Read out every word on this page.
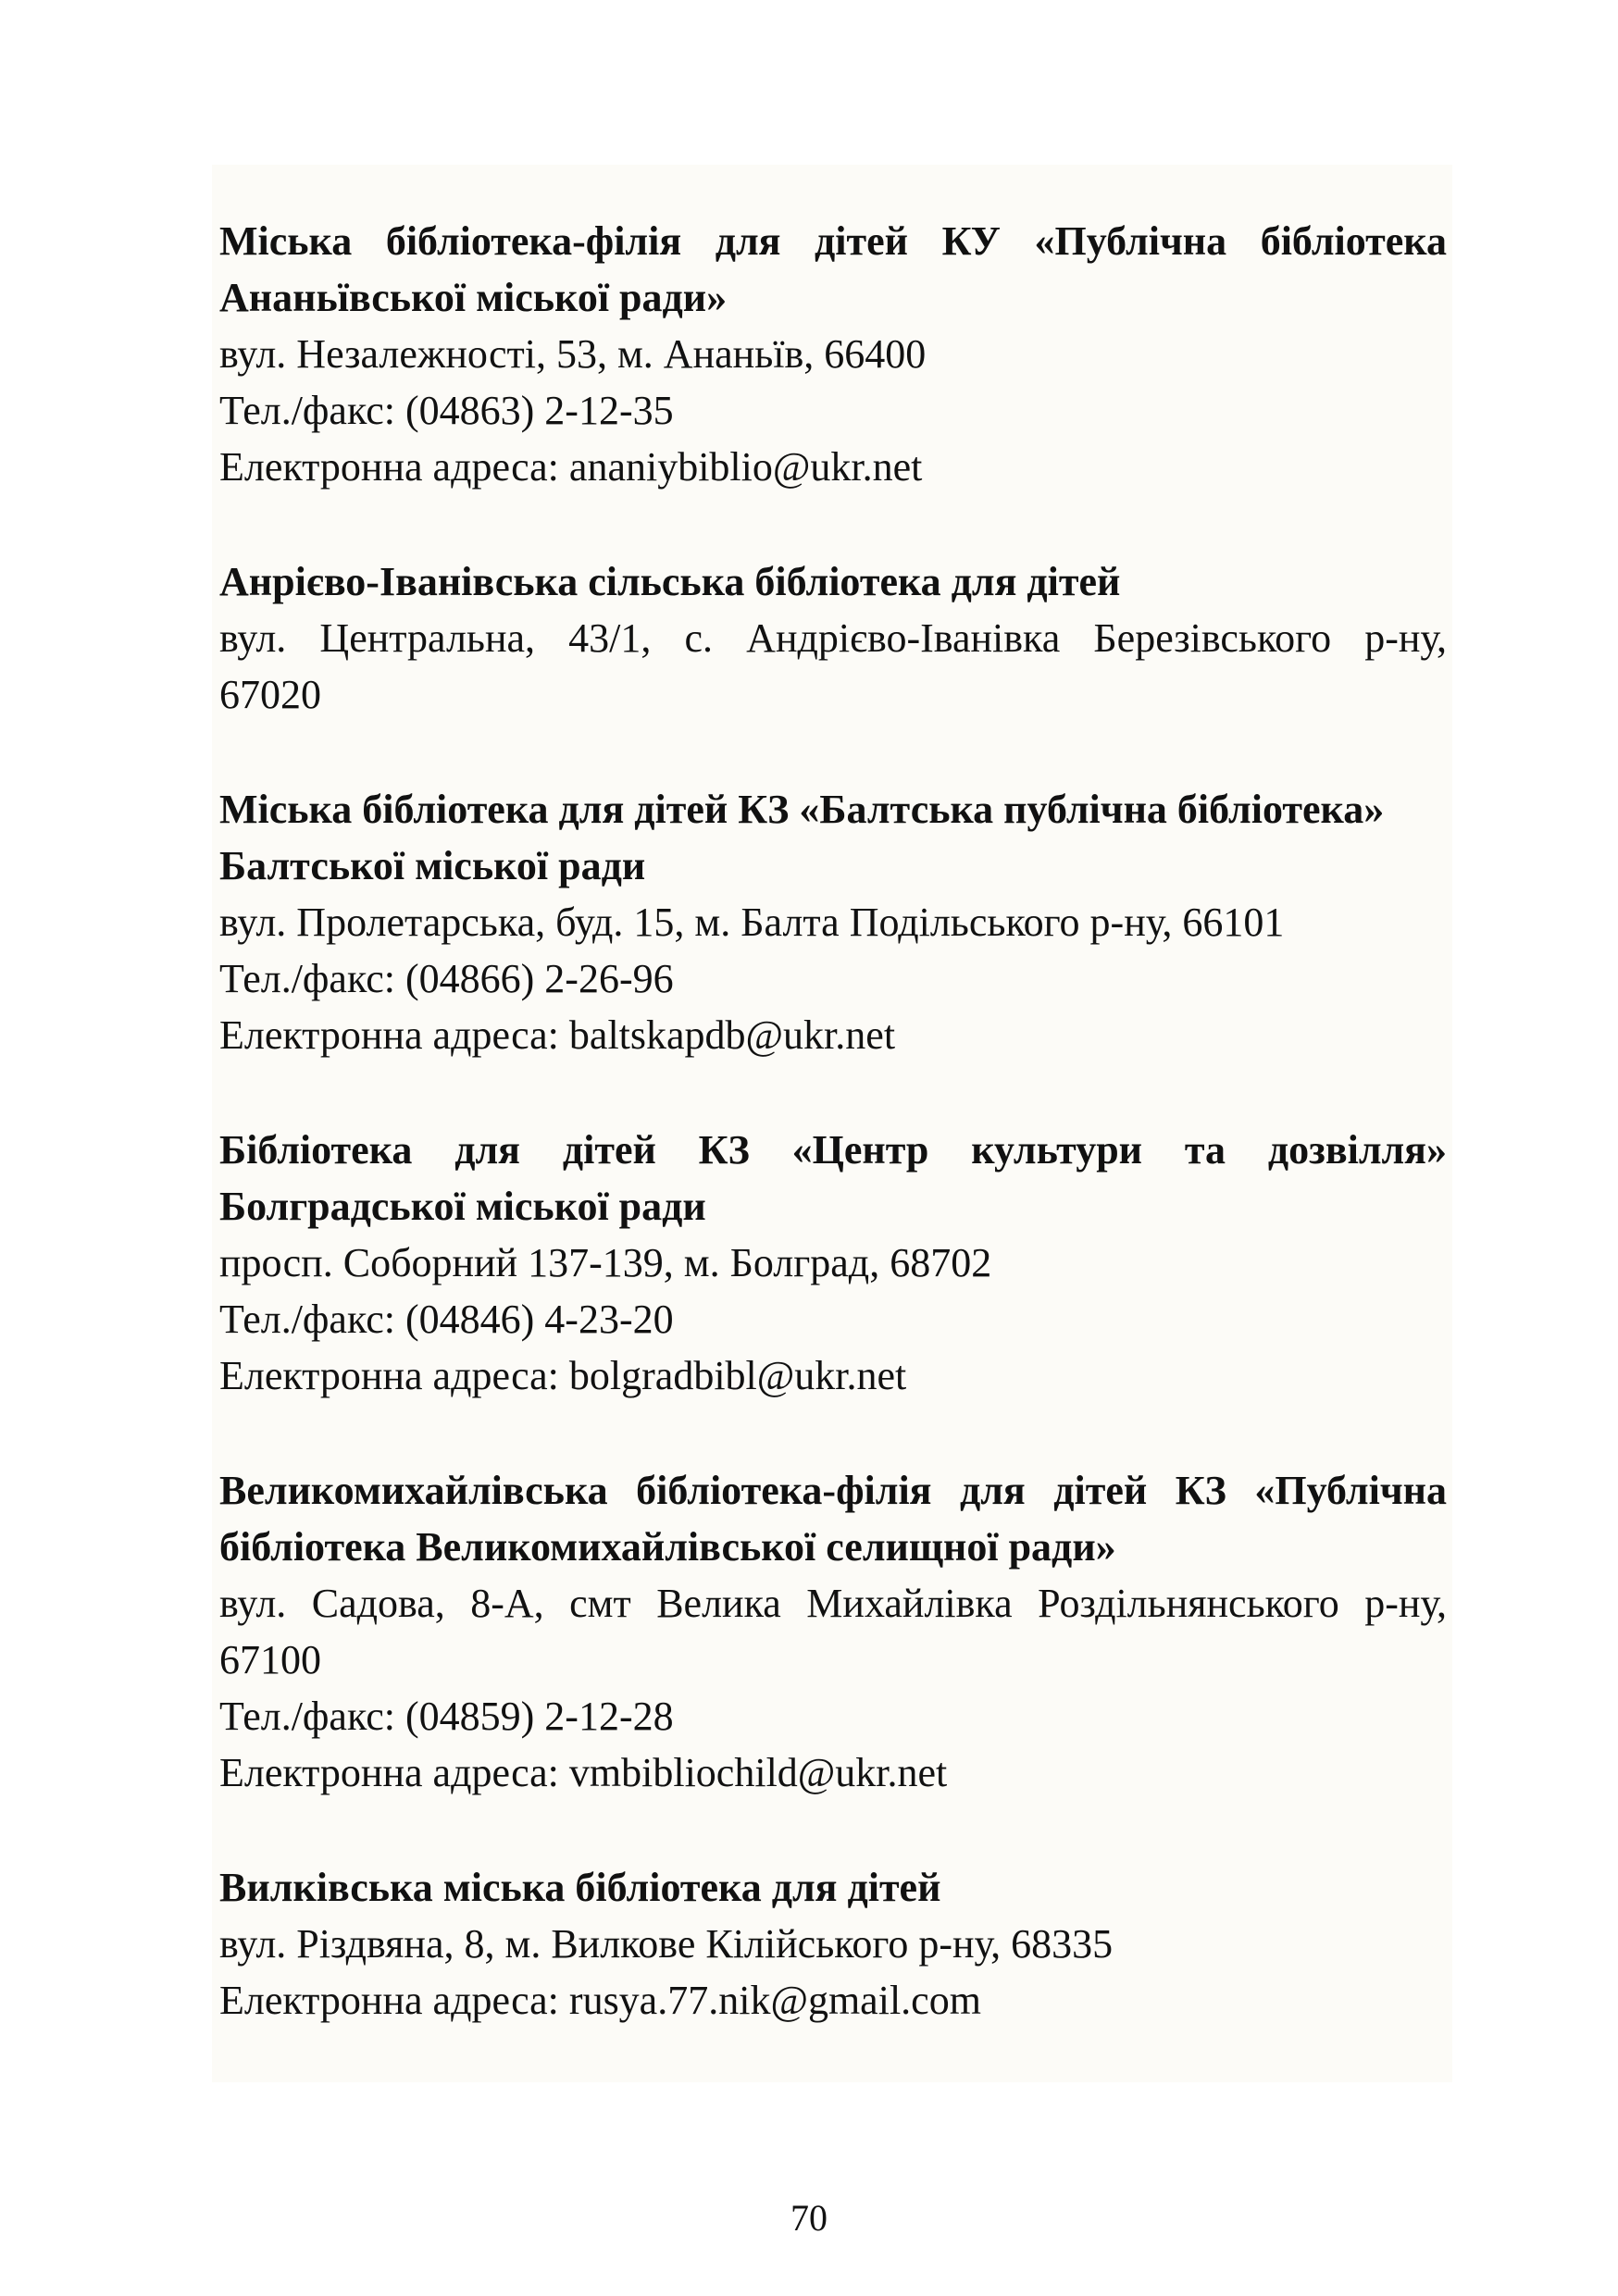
Міська бібліотека-філія для дітей КУ «Публічна бібліотека
Ананьївської міської ради»
вул. Незалежності, 53, м. Ананьїв, 66400
Тел./факс: (04863) 2-12-35
Електронна адреса: ananiybiblio@ukr.net
Анрієво-Іванівська сільська бібліотека для дітей
вул. Центральна, 43/1, с. Андрієво-Іванівка Березівського р-ну,
67020
Міська бібліотека для дітей КЗ «Балтська публічна бібліотека»
Балтської міської ради
вул. Пролетарська, буд. 15, м. Балта Подільського р-ну, 66101
Тел./факс: (04866) 2-26-96
Електронна адреса: baltskapdb@ukr.net
Бібліотека для дітей КЗ «Центр культури та дозвілля»
Болградської міської ради
просп. Соборний 137-139, м. Болград, 68702
Тел./факс: (04846) 4-23-20
Електронна адреса: bolgradbibl@ukr.net
Великомихайлівська бібліотека-філія для дітей КЗ «Публічна
бібліотека Великомихайлівської селищної ради»
вул. Садова, 8-А, смт Велика Михайлівка Роздільнянського р-ну,
67100
Тел./факс: (04859) 2-12-28
Електронна адреса: vmbibliochild@ukr.net
Вилківська міська бібліотека для дітей
вул. Різдвяна, 8, м. Вилкове Кілійського р-ну, 68335
Електронна адреса: rusya.77.nik@gmail.com
70
